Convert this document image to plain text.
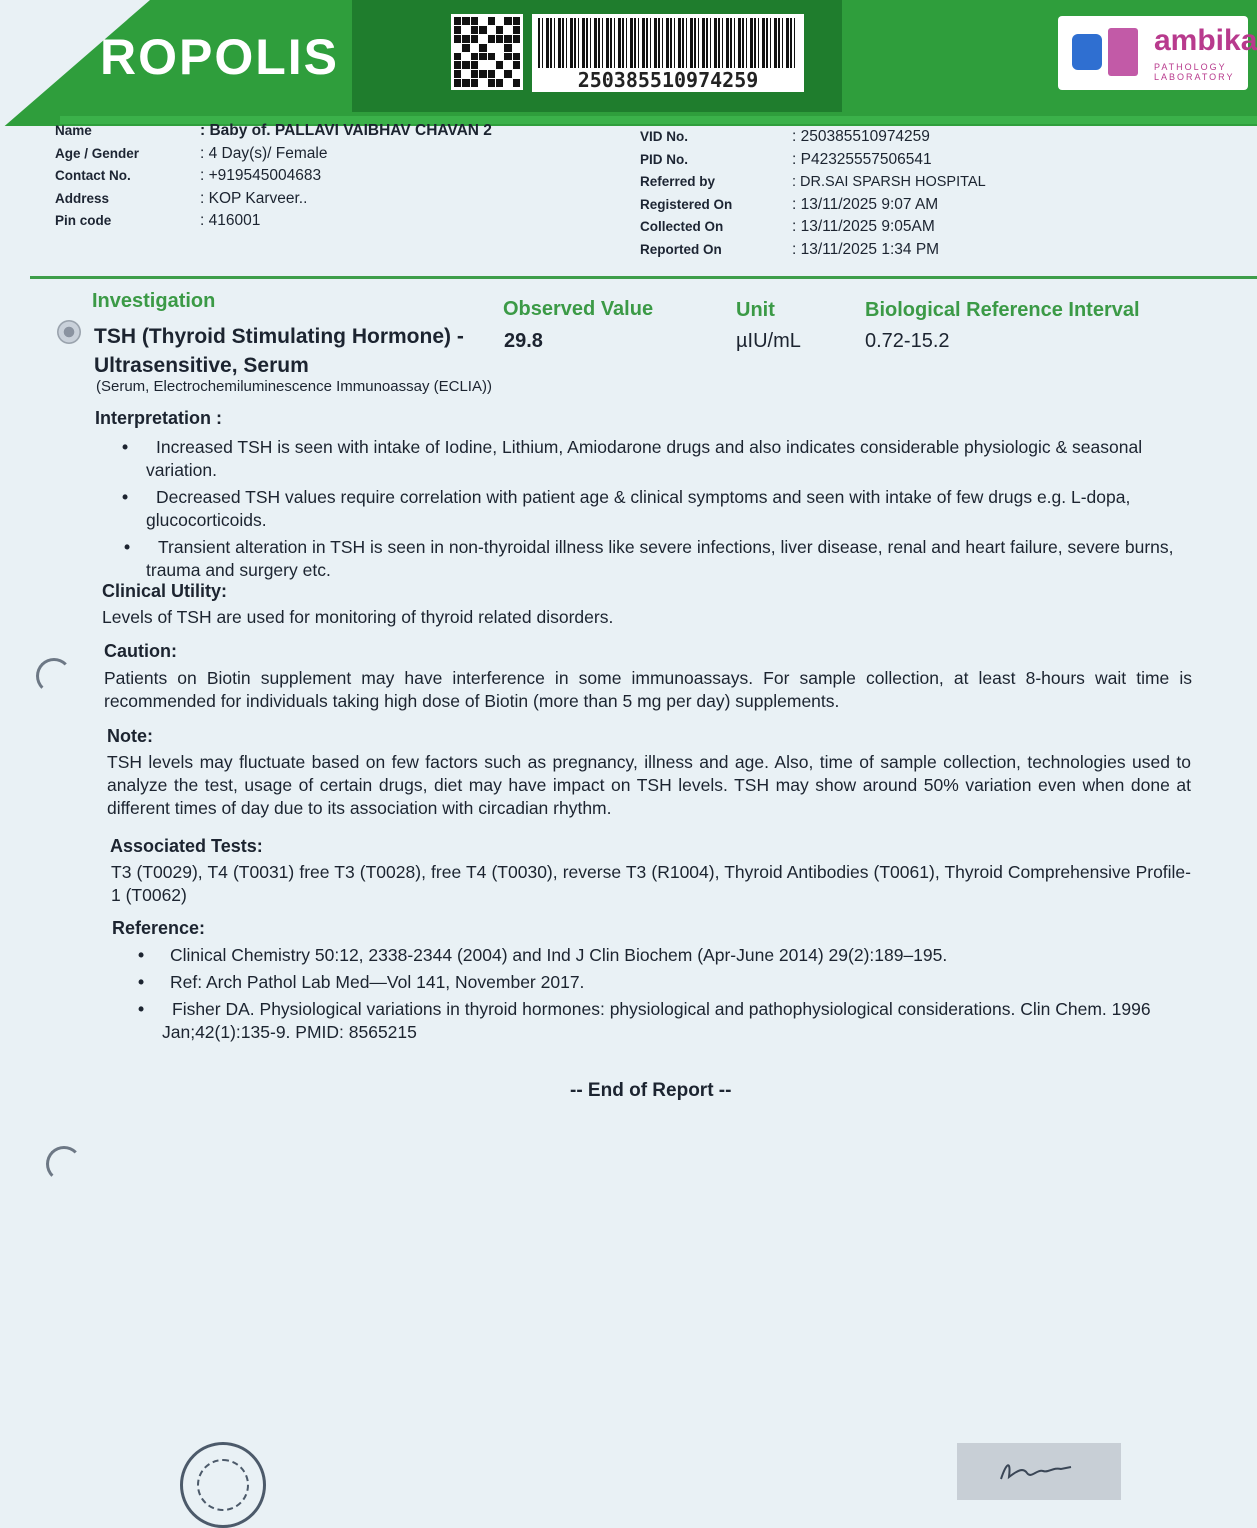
ROPOLIS	250385510974259
ambika
PATHOLOGY
LABORATORY
Name	: Baby of. PALLAVI VAIBHAV CHAVAN 2
Age / Gender	: 4 Day(s)/ Female
Contact No.	: +919545004683
Address	: KOP Karveer..
Pin code	: 416001
VID No.	: 250385510974259
PID No.	: P42325557506541
Referred by	: DR.SAI SPARSH HOSPITAL
Registered On	: 13/11/2025 9:07 AM
Collected On	: 13/11/2025 9:05AM
Reported On	: 13/11/2025 1:34 PM
Investigation	Observed Value	Unit	Biological Reference Interval
TSH (Thyroid Stimulating Hormone) -
Ultrasensitive, Serum
(Serum, Electrochemiluminescence Immunoassay (ECLIA))
29.8	µIU/mL	0.72-15.2
Interpretation :
• Increased TSH is seen with intake of Iodine, Lithium, Amiodarone drugs and also indicates considerable physiologic & seasonal variation.
• Decreased TSH values require correlation with patient age & clinical symptoms and seen with intake of few drugs e.g. L-dopa, glucocorticoids.
• Transient alteration in TSH is seen in non-thyroidal illness like severe infections, liver disease, renal and heart failure, severe burns, trauma and surgery etc.
Clinical Utility:
Levels of TSH are used for monitoring of thyroid related disorders.
Caution:
Patients on Biotin supplement may have interference in some immunoassays. For sample collection, at least 8-hours wait time is recommended for individuals taking high dose of Biotin (more than 5 mg per day) supplements.
Note:
TSH levels may fluctuate based on few factors such as pregnancy, illness and age. Also, time of sample collection, technologies used to analyze the test, usage of certain drugs, diet may have impact on TSH levels. TSH may show around 50% variation even when done at different times of day due to its association with circadian rhythm.
Associated Tests:
T3 (T0029), T4 (T0031) free T3 (T0028), free T4 (T0030), reverse T3 (R1004), Thyroid Antibodies (T0061), Thyroid Comprehensive Profile-1 (T0062)
Reference:
• Clinical Chemistry 50:12, 2338-2344 (2004) and Ind J Clin Biochem (Apr-June 2014) 29(2):189–195.
• Ref: Arch Pathol Lab Med—Vol 141, November 2017.
• Fisher DA. Physiological variations in thyroid hormones: physiological and pathophysiological considerations. Clin Chem. 1996 Jan;42(1):135-9. PMID: 8565215
-- End of Report --
